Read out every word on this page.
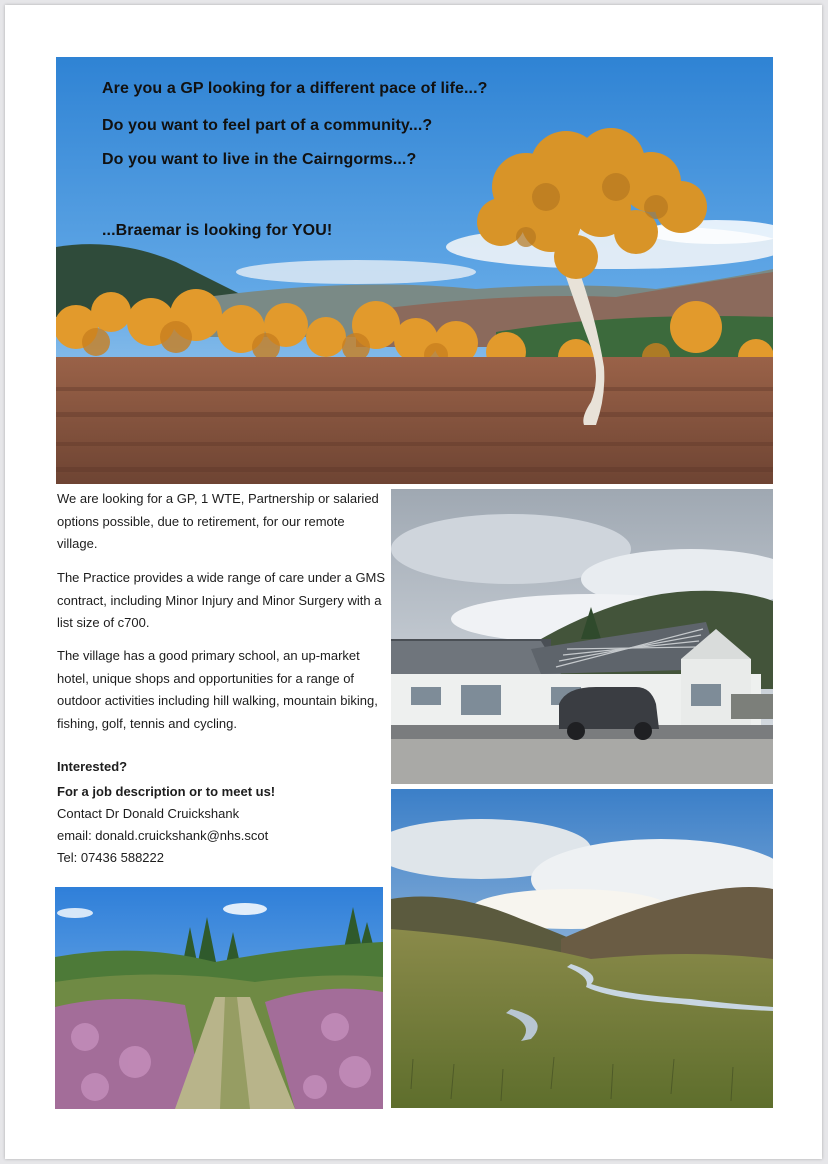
Are you a GP looking for a different pace of life...?
Do you want to feel part of a community...?
Do you want to live in the Cairngorms...?
...Braemar is looking for YOU!

We are looking for a GP, 1 WTE, Partnership or salaried options possible, due to retirement, for our remote village.

The Practice provides a wide range of care under a GMS contract, including Minor Injury and Minor Surgery with a list size of c700.

The village has a good primary school, an up-market hotel, unique shops and opportunities for a range of outdoor activities including hill walking, mountain biking, fishing, golf, tennis and cycling.

Interested?
For a job description or to meet us!
Contact Dr Donald Cruickshank
email: donald.cruickshank@nhs.scot
Tel: 07436 588222
